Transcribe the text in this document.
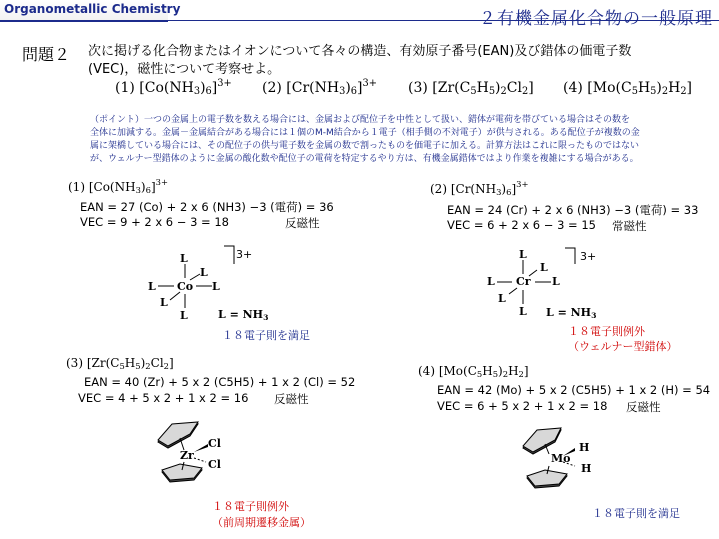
Organometallic Chemistry	２有機金属化合物の一般原理
問題２ 次に掲げる化合物またはイオンについて各々の構造、有効原子番号(EAN)及び錯体の価電子数
(VEC)，磁性について考察せよ。
(1) $[Co(NH_3)_6]^{3+}$ (2) $[Cr(NH_3)_6]^{3+}$ (3) $[Zr(C_5H_5)_2Cl_2]$ (4) $[Mo(C_5H_5)_2H_2]$
（ポイント）一つの金属上の電子数を数える場合には、金属および配位子を中性として扱い、錯体が電荷を帯びている場合はその数を
全体に加減する。金属－金属結合がある場合には１個のM-M結合から１電子（相手側の不対電子）が供与される。ある配位子が複数の金
属に架橋している場合には、その配位子の供与電子数を金属の数で割ったものを価電子に加える。計算方法はこれに限ったものではない
が、ウェルナー型錯体のように金属の酸化数や配位子の電荷を特定するやり方は、有機金属錯体ではより作業を複雑にする場合がある。
(1) $[Co(NH_3)_6]^{3+}$
EAN = 27 (Co) + 2 x 6 (NH3) −3 (電荷) = 36
VEC = 9 + 2 x 6 − 3 = 18	反磁性
L
L
L Co L
L
L
3+
$L = NH_3$
１８電子則を満足
(2) $[Cr(NH_3)_6]^{3+}$
EAN = 24 (Cr) + 2 x 6 (NH3) −3 (電荷) = 33
VEC = 6 + 2 x 6 − 3 = 15 常磁性
L
L
L Cr L
L
L
3+
$L = NH_3$
１８電子則例外
（ウェルナー型錯体）
(3) $[Zr(C_5H_5)_2Cl_2]$
EAN = 40 (Zr) + 5 x 2 (C5H5) + 1 x 2 (Cl) = 52
VEC = 4 + 5 x 2 + 1 x 2 = 16 反磁性
Zr
Cl
Cl
１８電子則例外
（前周期遷移金属）
(4) $[Mo(C_5H_5)_2H_2]$
EAN = 42 (Mo) + 5 x 2 (C5H5) + 1 x 2 (H) = 54
VEC = 6 + 5 x 2 + 1 x 2 = 18 反磁性
Mo
H
H
１８電子則を満足
